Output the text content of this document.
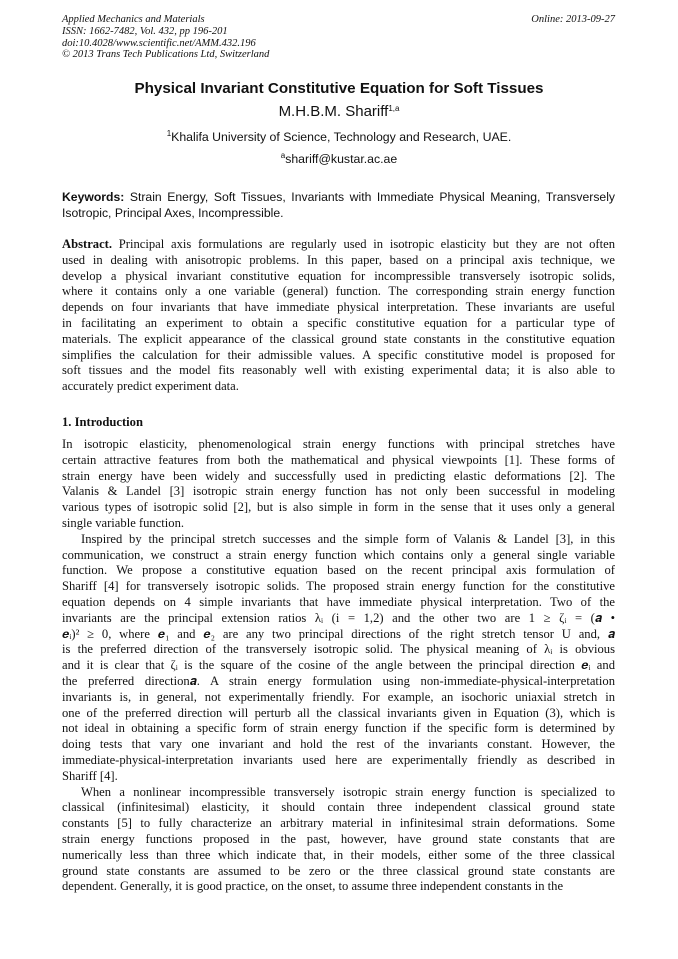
Applied Mechanics and Materials
ISSN: 1662-7482, Vol. 432, pp 196-201
doi:10.4028/www.scientific.net/AMM.432.196
© 2013 Trans Tech Publications Ltd, Switzerland
Online: 2013-09-27
Physical Invariant Constitutive Equation for Soft Tissues
M.H.B.M. Shariff$^{1,a}$
$^1$Khalifa University of Science, Technology and Research, UAE.
$^a$shariff@kustar.ac.ae
Keywords: Strain Energy, Soft Tissues, Invariants with Immediate Physical Meaning, Transversely
Isotropic, Principal Axes, Incompressible.
Abstract. Principal axis formulations are regularly used in isotropic elasticity but they are not often
used in dealing with anisotropic problems. In this paper, based on a principal axis technique, we
develop a physical invariant constitutive equation for incompressible transversely isotropic solids,
where it contains only a one variable (general) function. The corresponding strain energy function
depends on four invariants that have immediate physical interpretation. These invariants are useful
in facilitating an experiment to obtain a specific constitutive equation for a particular type of
materials. The explicit appearance of the classical ground state constants in the constitutive equation
simplifies the calculation for their admissible values. A specific constitutive model is proposed for
soft tissues and the model fits reasonably well with existing experimental data; it is also able to
accurately predict experiment data.
1. Introduction
In isotropic elasticity, phenomenological strain energy functions with principal stretches have
certain attractive features from both the mathematical and physical viewpoints [1]. These forms of
strain energy have been widely and successfully used in predicting elastic deformations [2]. The
Valanis & Landel [3] isotropic strain energy function has not only been successful in modeling
various types of isotropic solid [2], but is also simple in form in the sense that it uses only a general
single variable function.
Inspired by the principal stretch successes and the simple form of Valanis & Landel [3], in this
communication, we construct a strain energy function which contains only a general single variable
function. We propose a constitutive equation based on the recent principal axis formulation of
Shariff [4] for transversely isotropic solids. The proposed strain energy function for the constitutive
equation depends on 4 simple invariants that have immediate physical interpretation. Two of the
invariants are the principal extension ratios λᵢ (i = 1,2) and the other two are 1 ≥ ζᵢ = (𝒂 •
𝒆ᵢ)² ≥ 0, where 𝒆₁ and 𝒆₂ are any two principal directions of the right stretch tensor U and, 𝒂
is the preferred direction of the transversely isotropic solid. The physical meaning of λᵢ is obvious
and it is clear that ζᵢ is the square of the cosine of the angle between the principal direction 𝒆ᵢ and
the preferred direction𝒂. A strain energy formulation using non-immediate-physical-interpretation
invariants is, in general, not experimentally friendly. For example, an isochoric uniaxial stretch in
one of the preferred direction will perturb all the classical invariants given in Equation (3), which is
not ideal in obtaining a specific form of strain energy function if the specific form is determined by
doing tests that vary one invariant and hold the rest of the invariants constant. However, the
immediate-physical-interpretation invariants used here are experimentally friendly as described in
Shariff [4].
When a nonlinear incompressible transversely isotropic strain energy function is specialized to
classical (infinitesimal) elasticity, it should contain three independent classical ground state
constants [5] to fully characterize an arbitrary material in infinitesimal strain deformations. Some
strain energy functions proposed in the past, however, have ground state constants that are
numerically less than three which indicate that, in their models, either some of the three classical
ground state constants are assumed to be zero or the three classical ground state constants are
dependent. Generally, it is good practice, on the onset, to assume three independent constants in the
